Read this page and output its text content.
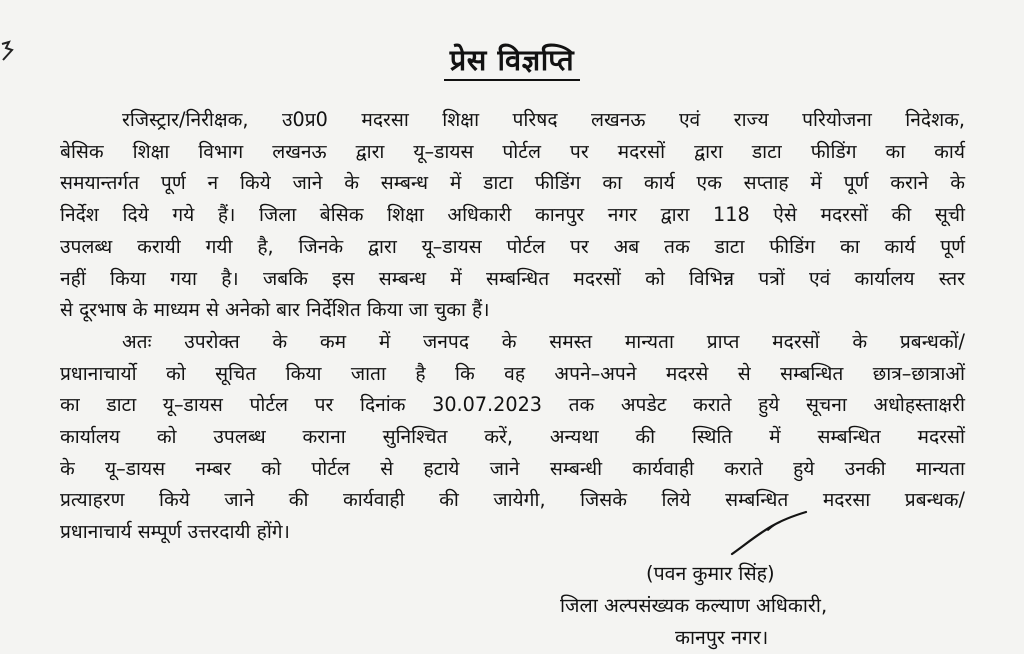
प्रेस विज्ञप्ति
रजिस्ट्रार/निरीक्षक, उ0प्र0 मदरसा शिक्षा परिषद लखनऊ एवं राज्य परियोजना निदेशक,
बेसिक शिक्षा विभाग लखनऊ द्वारा यू–डायस पोर्टल पर मदरसों द्वारा डाटा फीडिंग का कार्य
समयान्तर्गत पूर्ण न किये जाने के सम्बन्ध में डाटा फीडिंग का कार्य एक सप्ताह में पूर्ण कराने के
निर्देश दिये गये हैं। जिला बेसिक शिक्षा अधिकारी कानपुर नगर द्वारा 118 ऐसे मदरसों की सूची
उपलब्ध करायी गयी है, जिनके द्वारा यू–डायस पोर्टल पर अब तक डाटा फीडिंग का कार्य पूर्ण
नहीं किया गया है। जबकि इस सम्बन्ध में सम्बन्धित मदरसों को विभिन्न पत्रों एवं कार्यालय स्तर
से दूरभाष के माध्यम से अनेको बार निर्देशित किया जा चुका हैं।
अतः उपरोक्त के कम में जनपद के समस्त मान्यता प्राप्त मदरसों के प्रबन्धकों/
प्रधानाचार्यो को सूचित किया जाता है कि वह अपने–अपने मदरसे से सम्बन्धित छात्र–छात्राओं
का डाटा यू–डायस पोर्टल पर दिनांक 30.07.2023 तक अपडेट कराते हुये सूचना अधोहस्ताक्षरी
कार्यालय को उपलब्ध कराना सुनिश्चित करें, अन्यथा की स्थिति में सम्बन्धित मदरसों
के यू–डायस नम्बर को पोर्टल से हटाये जाने सम्बन्धी कार्यवाही कराते हुये उनकी मान्यता
प्रत्याहरण किये जाने की कार्यवाही की जायेगी, जिसके लिये सम्बन्धित मदरसा प्रबन्धक/
प्रधानाचार्य सम्पूर्ण उत्तरदायी होंगे।
(पवन कुमार सिंह)
जिला अल्पसंख्यक कल्याण अधिकारी,
कानपुर नगर।
